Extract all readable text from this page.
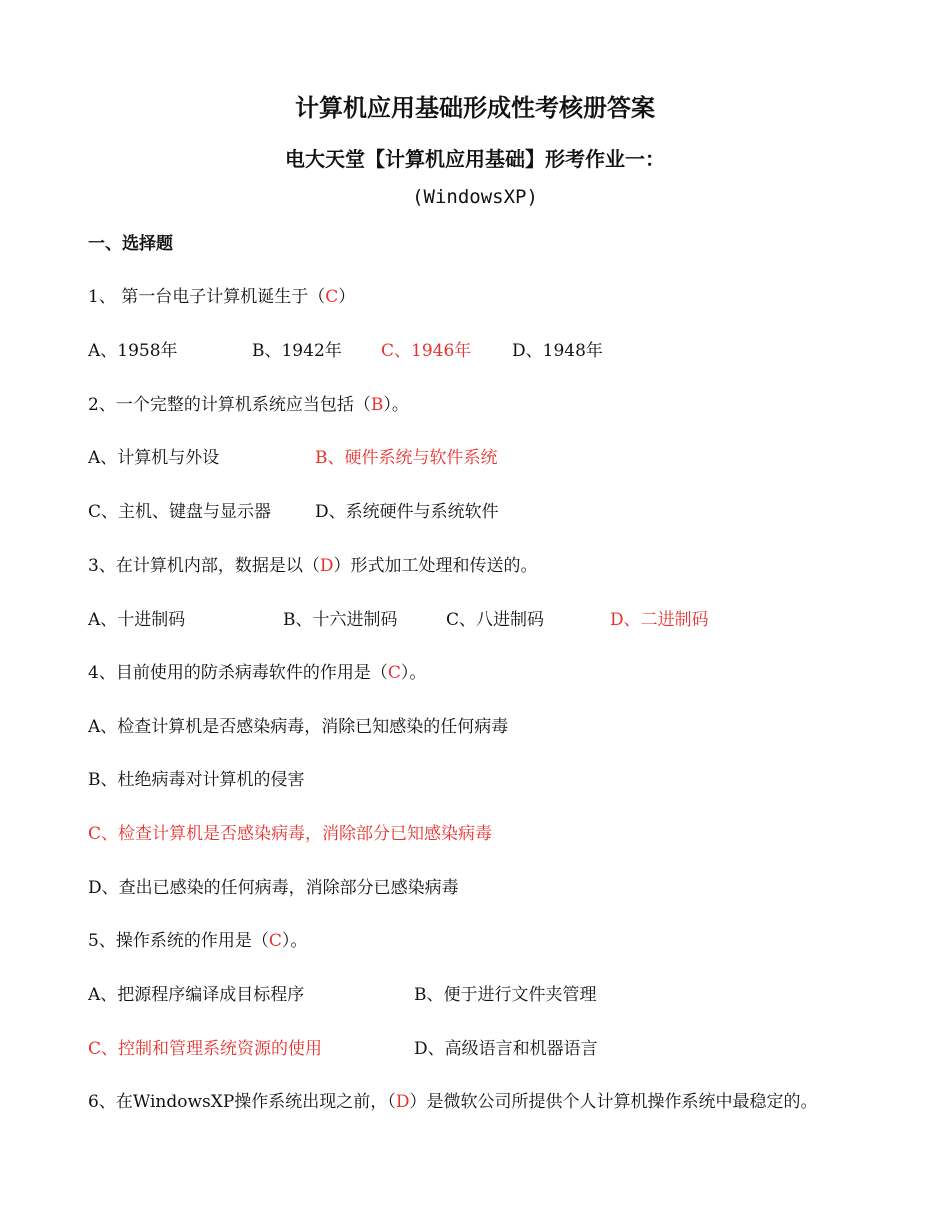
计算机应用基础形成性考核册答案
电大天堂【计算机应用基础】形考作业一：
(WindowsXP)
一、选择题
1、 第一台电子计算机诞生于（C）
A、1958年	B、1942年 C、1946年 D、1948年
2、一个完整的计算机系统应当包括（B）。
A、计算机与外设	B、硬件系统与软件系统
C、主机、键盘与显示器	D、系统硬件与系统软件
3、在计算机内部，数据是以（D）形式加工处理和传送的。
A、十进制码	B、十六进制码	C、八进制码	D、二进制码
4、目前使用的防杀病毒软件的作用是（C）。
A、检查计算机是否感染病毒，消除已知感染的任何病毒
B、杜绝病毒对计算机的侵害
C、检查计算机是否感染病毒，消除部分已知感染病毒
D、查出已感染的任何病毒，消除部分已感染病毒
5、操作系统的作用是（C）。
A、把源程序编译成目标程序	B、便于进行文件夹管理
C、控制和管理系统资源的使用	D、高级语言和机器语言
6、在WindowsXP操作系统出现之前，（D）是微软公司所提供个人计算机操作系统中最稳定的。
